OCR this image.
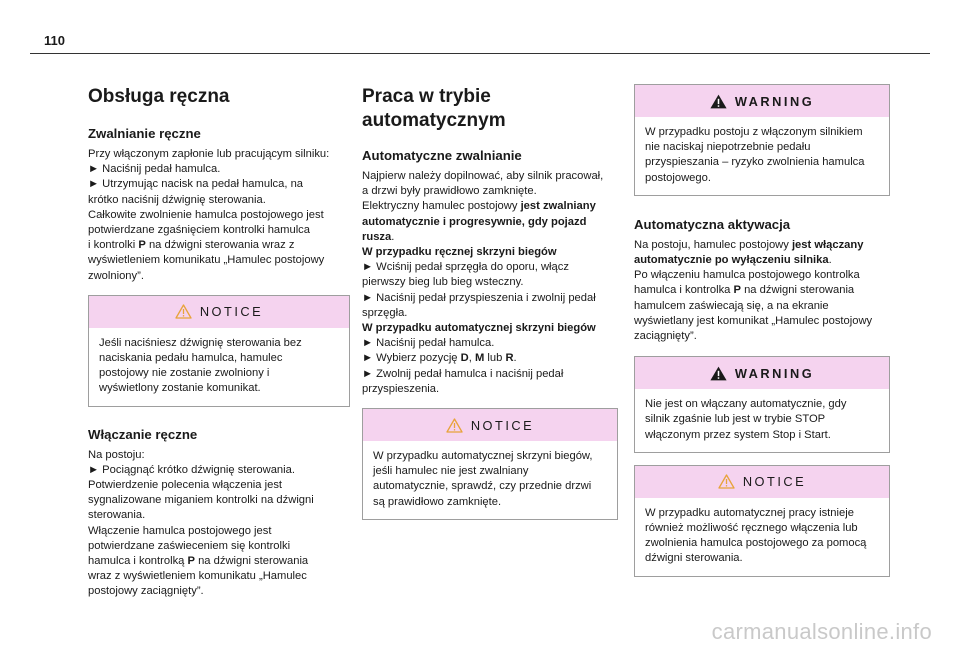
110
Obsługa ręczna
Zwalnianie ręczne

Przy włączonym zapłonie lub pracującym silniku:

► Naciśnij pedał hamulca.

► Utrzymując nacisk na pedał hamulca, na

krótko naciśnij dźwignię sterowania.

Całkowite zwolnienie hamulca postojowego jest

potwierdzane zgaśnięciem kontrolki hamulca

i kontrolki P na dźwigni sterowania wraz z

wyświetleniem komunikatu „Hamulec postojowy

zwolniony”.

NOTICE

Jeśli naciśniesz dźwignię sterowania bez

naciskania pedału hamulca, hamulec

postojowy nie zostanie zwolniony i

wyświetlony zostanie komunikat.

Włączanie ręczne

Na postoju:

► Pociągnąć krótko dźwignię sterowania.

Potwierdzenie polecenia włączenia jest

sygnalizowane miganiem kontrolki na dźwigni

sterowania.

Włączenie hamulca postojowego jest

potwierdzane zaświeceniem się kontrolki

hamulca i kontrolką P na dźwigni sterowania

wraz z wyświetleniem komunikatu „Hamulec

postojowy zaciągnięty”.

Praca w trybie
automatycznym
Automatyczne zwalnianie

Najpierw należy dopilnować, aby silnik pracował,

a drzwi były prawidłowo zamknięte.

Elektryczny hamulec postojowy jest zwalniany

automatycznie i progresywnie, gdy pojazd

rusza.

W przypadku ręcznej skrzyni biegów

► Wciśnij pedał sprzęgła do oporu, włącz

pierwszy bieg lub bieg wsteczny.

► Naciśnij pedał przyspieszenia i zwolnij pedał

sprzęgła.

W przypadku automatycznej skrzyni biegów

► Naciśnij pedał hamulca.

► Wybierz pozycję D, M lub R.

► Zwolnij pedał hamulca i naciśnij pedał

przyspieszenia.

NOTICE

W przypadku automatycznej skrzyni biegów,

jeśli hamulec nie jest zwalniany

automatycznie, sprawdź, czy przednie drzwi

są prawidłowo zamknięte.

WARNING

W przypadku postoju z włączonym silnikiem

nie naciskaj niepotrzebnie pedału

przyspieszania – ryzyko zwolnienia hamulca

postojowego.

Automatyczna aktywacja

Na postoju, hamulec postojowy jest włączany

automatycznie po wyłączeniu silnika.

Po włączeniu hamulca postojowego kontrolka

hamulca i kontrolka P na dźwigni sterowania

hamulcem zaświecają się, a na ekranie

wyświetlany jest komunikat „Hamulec postojowy

zaciągnięty”.

WARNING

Nie jest on włączany automatycznie, gdy

silnik zgaśnie lub jest w trybie STOP

włączonym przez system Stop i Start.

NOTICE

W przypadku automatycznej pracy istnieje

również możliwość ręcznego włączenia lub

zwolnienia hamulca postojowego za pomocą

dźwigni sterowania.

carmanualsonline.info
